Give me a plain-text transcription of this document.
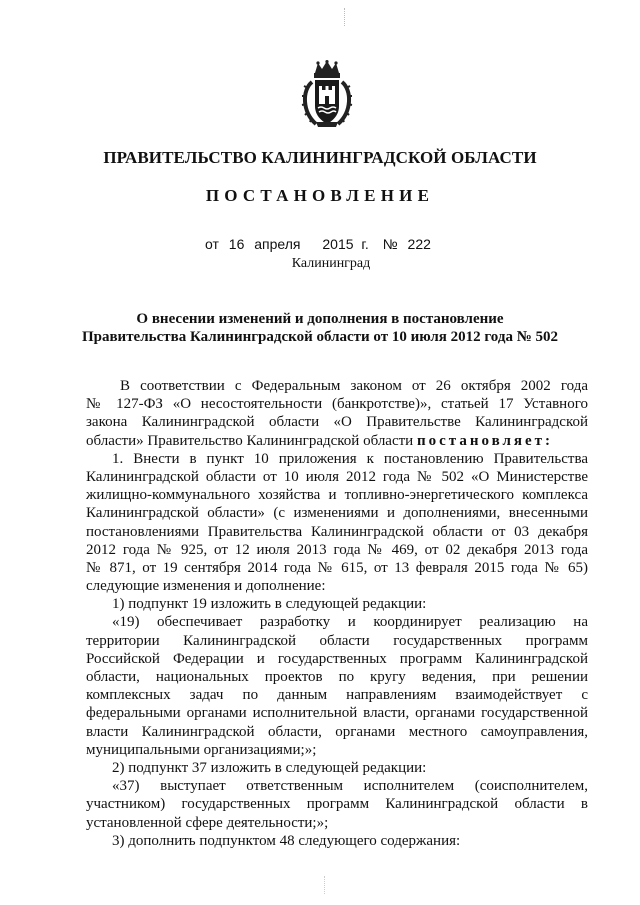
ПРАВИТЕЛЬСТВО КАЛИНИНГРАДСКОЙ ОБЛАСТИ
ПОСТАНОВЛЕНИЕ
от 16 апреля 2015 г. № 222
Калининград
О внесении изменений и дополнения в постановление
Правительства Калининградской области от 10 июля 2012 года № 502
В соответствии с Федеральным законом от 26 октября 2002 года
№ 127-ФЗ «О несостоятельности (банкротстве)», статьей 17 Уставного
закона Калининградской области «О Правительстве Калининградской
области» Правительство Калининградской области постановляет:
1. Внести в пункт 10 приложения к постановлению Правительства
Калининградской области от 10 июля 2012 года № 502 «О Министерстве
жилищно-коммунального хозяйства и топливно-энергетического комплекса
Калининградской области» (с изменениями и дополнениями, внесенными
постановлениями Правительства Калининградской области от 03 декабря
2012 года № 925, от 12 июля 2013 года № 469, от 02 декабря 2013 года
№ 871, от 19 сентября 2014 года № 615, от 13 февраля 2015 года № 65)
следующие изменения и дополнение:
1) подпункт 19 изложить в следующей редакции:
«19) обеспечивает разработку и координирует реализацию на
территории Калининградской области государственных программ
Российской Федерации и государственных программ Калининградской
области, национальных проектов по кругу ведения, при решении
комплексных задач по данным направлениям взаимодействует с
федеральными органами исполнительной власти, органами государственной
власти Калининградской области, органами местного самоуправления,
муниципальными организациями;»;
2) подпункт 37 изложить в следующей редакции:
«37) выступает ответственным исполнителем (соисполнителем,
участником) государственных программ Калининградской области в
установленной сфере деятельности;»;
3) дополнить подпунктом 48 следующего содержания:
